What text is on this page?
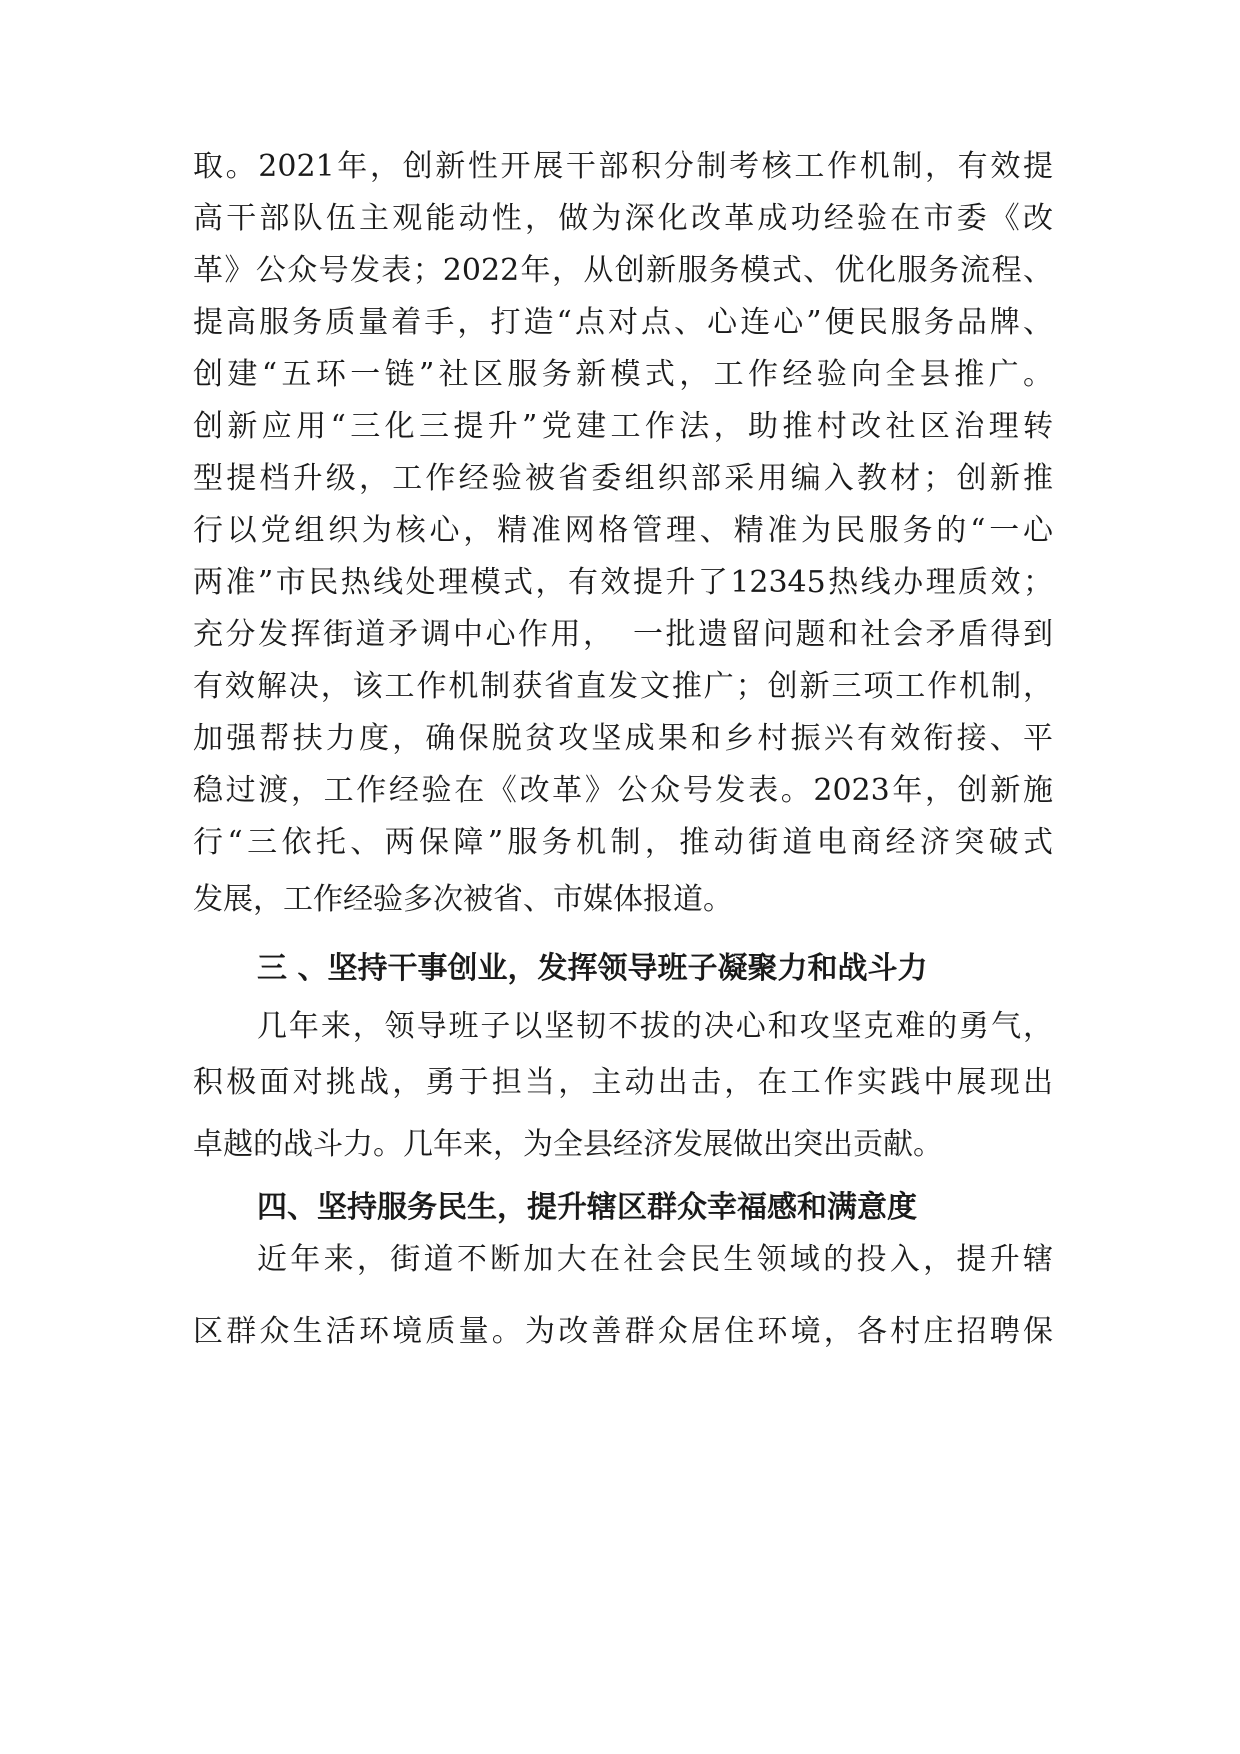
取。2021年，创新性开展干部积分制考核工作机制，有效提
高干部队伍主观能动性，做为深化改革成功经验在市委《改
革》公众号发表；2022年，从创新服务模式、优化服务流程、
提高服务质量着手，打造“点对点、心连心”便民服务品牌、
创建“五环一链”社区服务新模式，工作经验向全县推广。
创新应用“三化三提升”党建工作法，助推村改社区治理转
型提档升级，工作经验被省委组织部采用编入教材；创新推
行以党组织为核心，精准网格管理、精准为民服务的“一心
两准”市民热线处理模式，有效提升了12345热线办理质效；
充分发挥街道矛调中心作用，　一批遗留问题和社会矛盾得到
有效解决，该工作机制获省直发文推广；创新三项工作机制，
加强帮扶力度，确保脱贫攻坚成果和乡村振兴有效衔接、平
稳过渡，工作经验在《改革》公众号发表。2023年，创新施
行“三依托、两保障”服务机制，推动街道电商经济突破式
发展，工作经验多次被省、市媒体报道。
三 、坚持干事创业，发挥领导班子凝聚力和战斗力
几年来，领导班子以坚韧不拔的决心和攻坚克难的勇气，
积极面对挑战，勇于担当，主动出击，在工作实践中展现出
卓越的战斗力。几年来，为全县经济发展做出突出贡献。
四、坚持服务民生，提升辖区群众幸福感和满意度
近年来，街道不断加大在社会民生领域的投入，提升辖
区群众生活环境质量。为改善群众居住环境，各村庄招聘保
